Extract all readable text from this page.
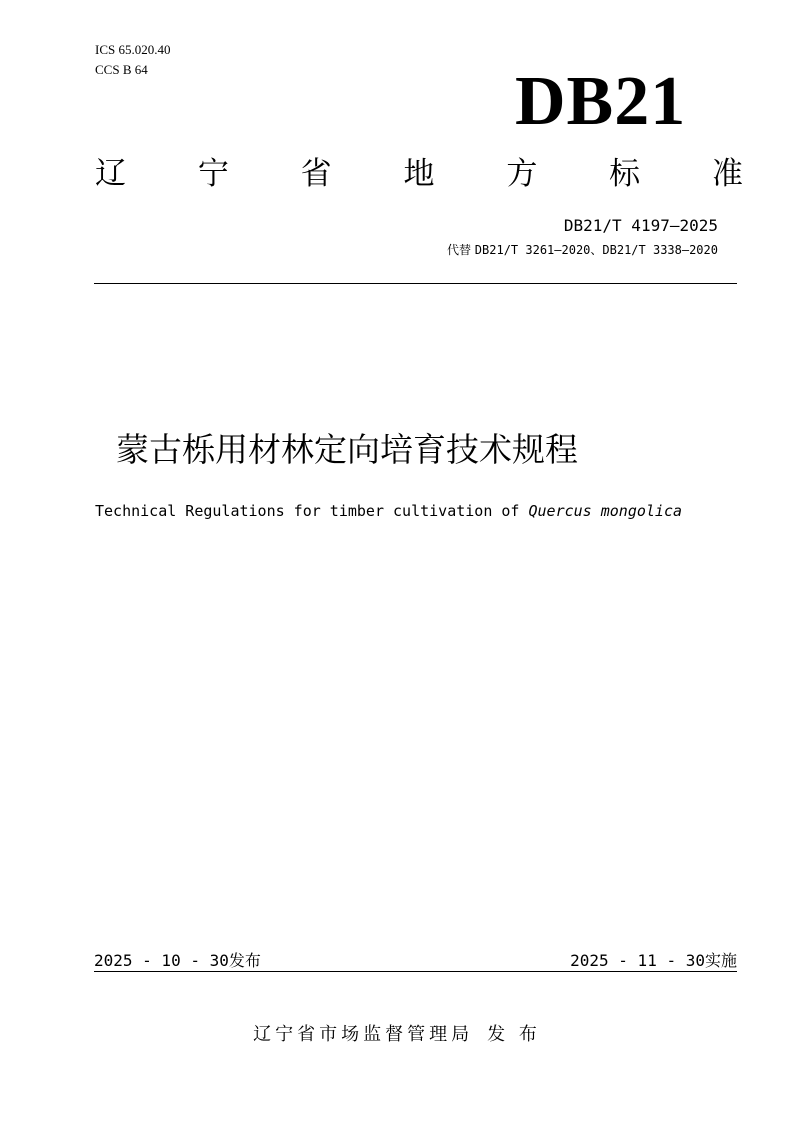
ICS 65.020.40
CCS B 64	DB21
辽 宁 省 地 方 标 准
DB21/T 4197—2025
代替 DB21/T 3261—2020、DB21/T 3338—2020
蒙古栎用材林定向培育技术规程
Technical Regulations for timber cultivation of Quercus mongolica
2025 - 10 - 30发布	2025 - 11 - 30实施
辽宁省市场监督管理局 发 布
